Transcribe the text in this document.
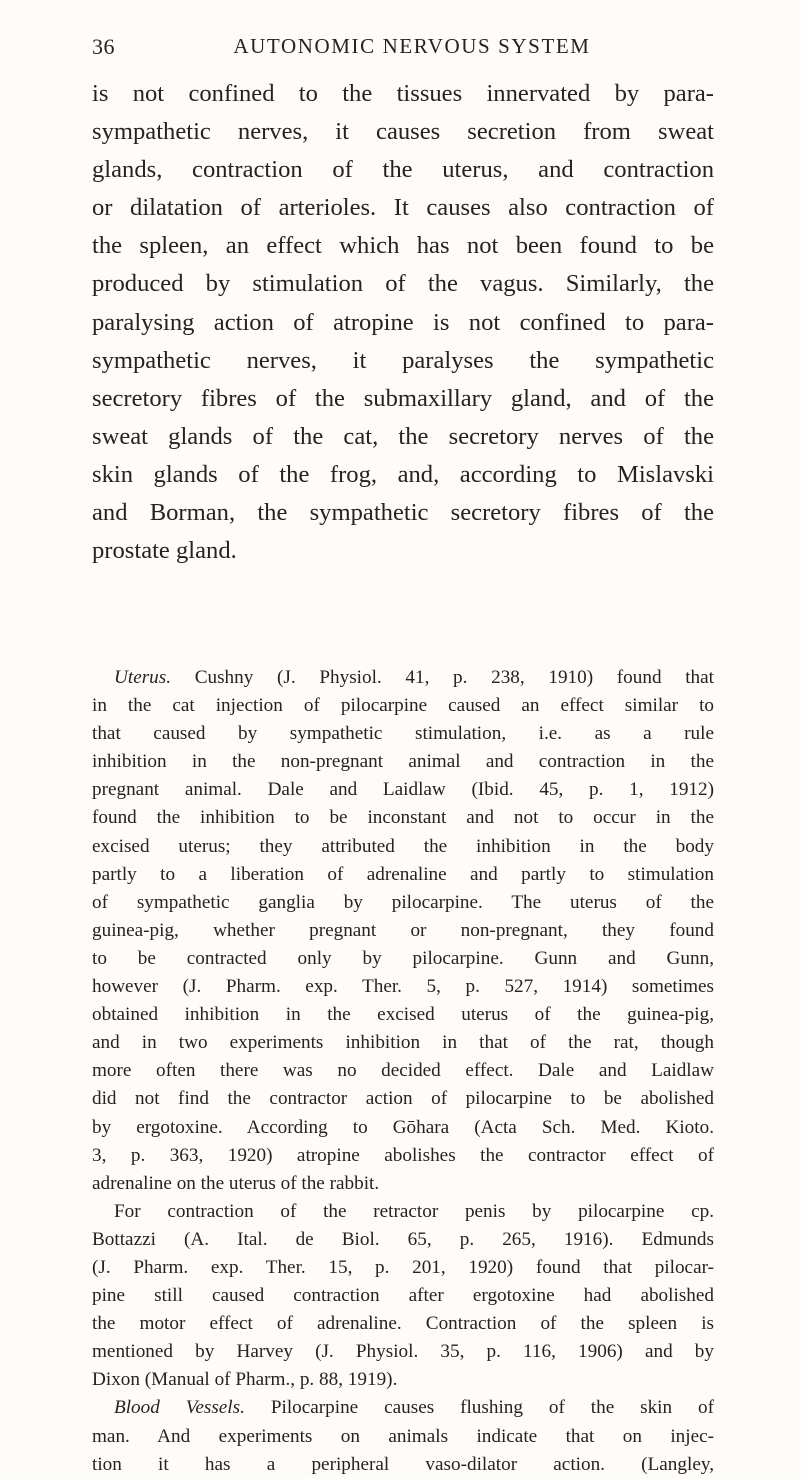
36	AUTONOMIC NERVOUS SYSTEM
is not confined to the tissues innervated by para-
sympathetic nerves, it causes secretion from sweat
glands, contraction of the uterus, and contraction
or dilatation of arterioles. It causes also contraction of
the spleen, an effect which has not been found to be
produced by stimulation of the vagus. Similarly, the
paralysing action of atropine is not confined to para-
sympathetic nerves, it paralyses the sympathetic
secretory fibres of the submaxillary gland, and of the
sweat glands of the cat, the secretory nerves of the
skin glands of the frog, and, according to Mislavski
and Borman, the sympathetic secretory fibres of the
prostate gland.
Uterus. Cushny (J. Physiol. 41, p. 238, 1910) found that
in the cat injection of pilocarpine caused an effect similar to
that caused by sympathetic stimulation, i.e. as a rule
inhibition in the non-pregnant animal and contraction in the
pregnant animal. Dale and Laidlaw (Ibid. 45, p. 1, 1912)
found the inhibition to be inconstant and not to occur in the
excised uterus; they attributed the inhibition in the body
partly to a liberation of adrenaline and partly to stimulation
of sympathetic ganglia by pilocarpine. The uterus of the
guinea-pig, whether pregnant or non-pregnant, they found
to be contracted only by pilocarpine. Gunn and Gunn,
however (J. Pharm. exp. Ther. 5, p. 527, 1914) sometimes
obtained inhibition in the excised uterus of the guinea-pig,
and in two experiments inhibition in that of the rat, though
more often there was no decided effect. Dale and Laidlaw
did not find the contractor action of pilocarpine to be abolished
by ergotoxine. According to Gōhara (Acta Sch. Med. Kioto.
3, p. 363, 1920) atropine abolishes the contractor effect of
adrenaline on the uterus of the rabbit.
For contraction of the retractor penis by pilocarpine cp.
Bottazzi (A. Ital. de Biol. 65, p. 265, 1916). Edmunds
(J. Pharm. exp. Ther. 15, p. 201, 1920) found that pilocar-
pine still caused contraction after ergotoxine had abolished
the motor effect of adrenaline. Contraction of the spleen is
mentioned by Harvey (J. Physiol. 35, p. 116, 1906) and by
Dixon (Manual of Pharm., p. 88, 1919).
Blood Vessels. Pilocarpine causes flushing of the skin of
man. And experiments on animals indicate that on injec-
tion it has a peripheral vaso-dilator action. (Langley,
